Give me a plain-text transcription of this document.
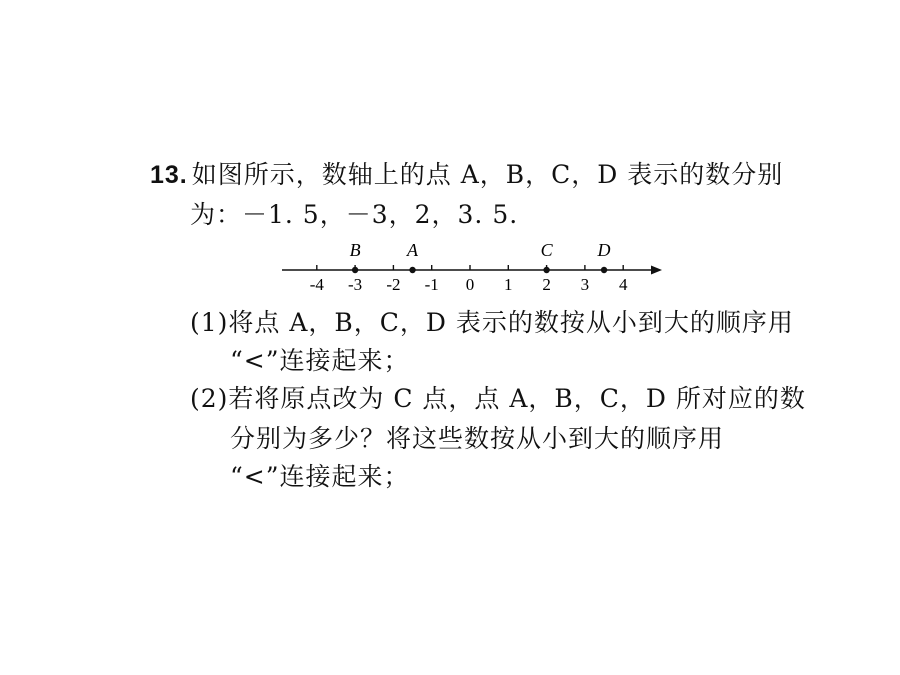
13. 如图所示，数轴上的点 A，B，C，D 表示的数分别
为：－1. 5，－3，2，3. 5.
-4 -3 -2 -1 0 1 2 3 4
B	A	C D
(1)将点 A，B，C，D 表示的数按从小到大的顺序用
“<”连接起来；
(2)若将原点改为 C 点，点 A，B，C，D 所对应的数
分别为多少？将这些数按从小到大的顺序用
“<”连接起来；
